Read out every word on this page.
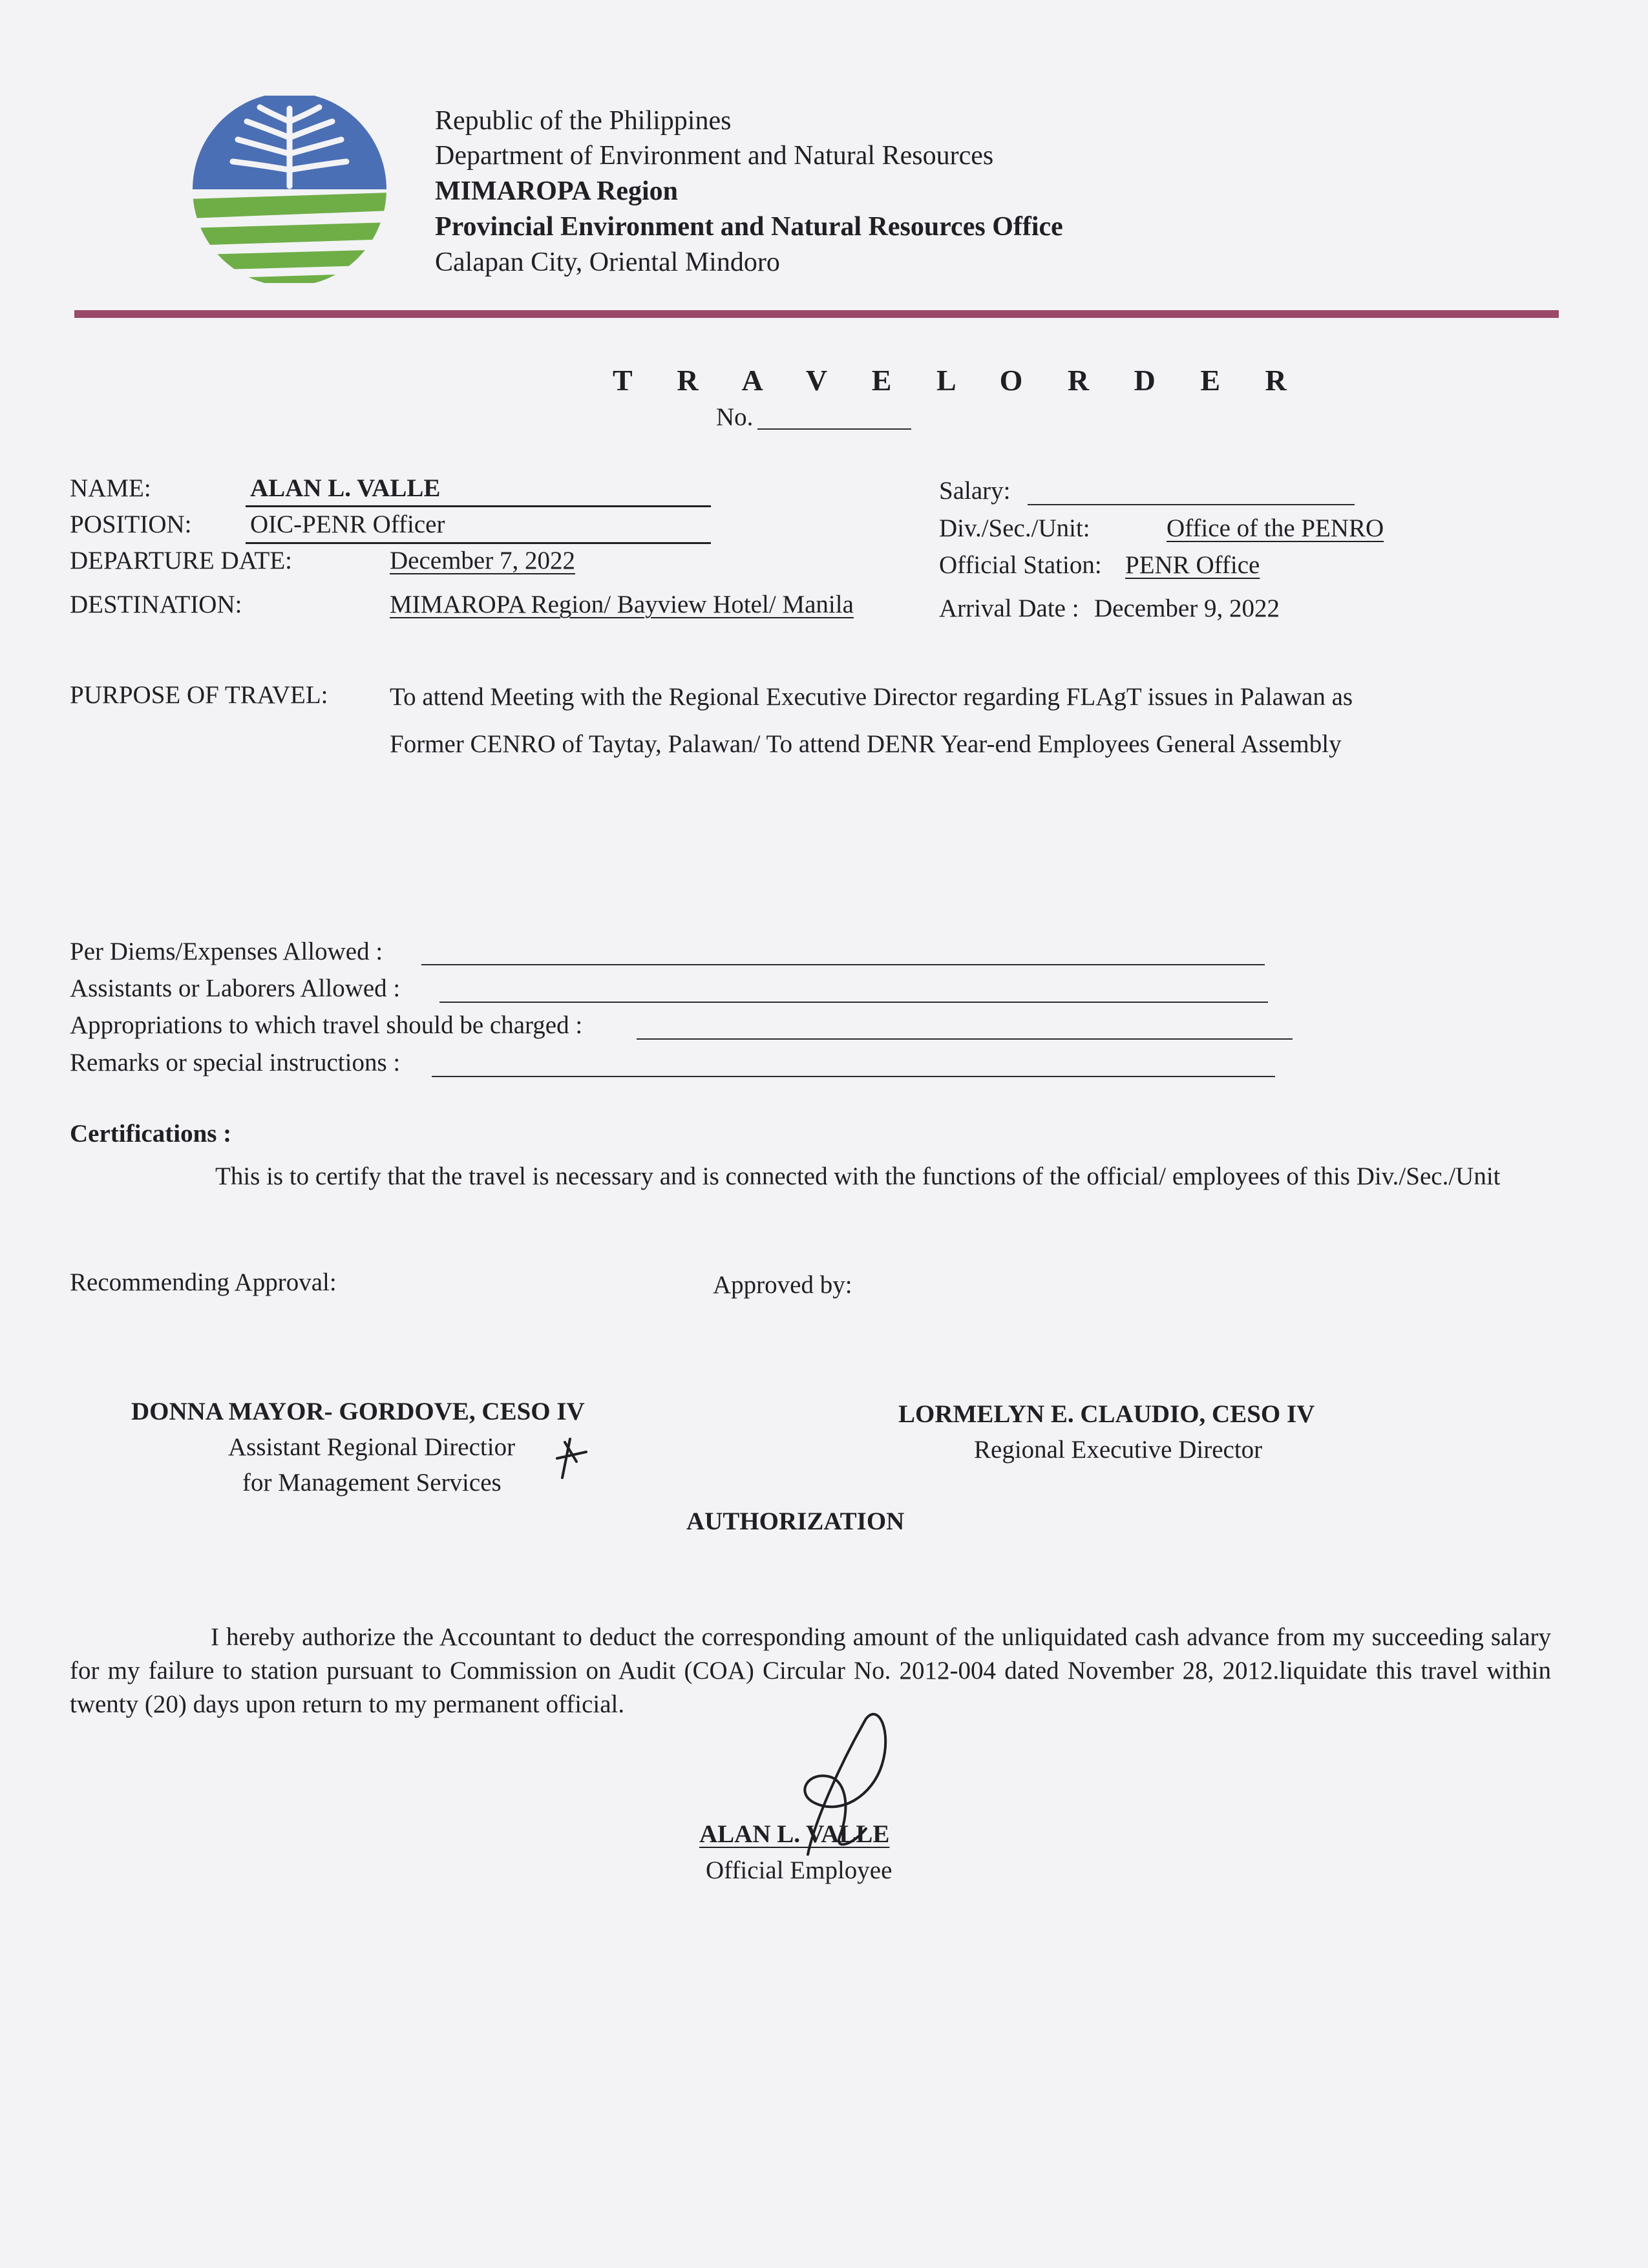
Republic of the Philippines
Department of Environment and Natural Resources
MIMAROPA Region
Provincial Environment and Natural Resources Office
Calapan City, Oriental Mindoro
T R A V E L O R D E R
No.
NAME:	ALAN L. VALLE
POSITION: OIC-PENR Officer
DEPARTURE DATE:	December 7, 2022
DESTINATION:	MIMAROPA Region/ Bayview Hotel/ Manila
Salary:
Div./Sec./Unit:	Office of the PENRO
Official Station: PENR Office
Arrival Date : December 9, 2022
PURPOSE OF TRAVEL: To attend Meeting with the Regional Executive Director regarding FLAgT issues in Palawan as
Former CENRO of Taytay, Palawan/ To attend DENR Year-end Employees General Assembly
Per Diems/Expenses Allowed :
Assistants or Laborers Allowed :
Appropriations to which travel should be charged :
Remarks or special instructions :
Certifications :
This is to certify that the travel is necessary and is connected with the functions of the official/ employees of this Div./Sec./Unit
Recommending Approval:	Approved by:
DONNA MAYOR- GORDOVE, CESO IV
Assistant Regional Directior
for Management Services
LORMELYN E. CLAUDIO, CESO IV
Regional Executive Director
AUTHORIZATION
I hereby authorize the Accountant to deduct the corresponding amount of the unliquidated cash advance from my succeeding salary for my failure to station pursuant to Commission on Audit (COA) Circular No. 2012-004 dated November 28, 2012.liquidate this travel within twenty (20) days upon return to my permanent official.
ALAN L. VALLE
Official Employee
